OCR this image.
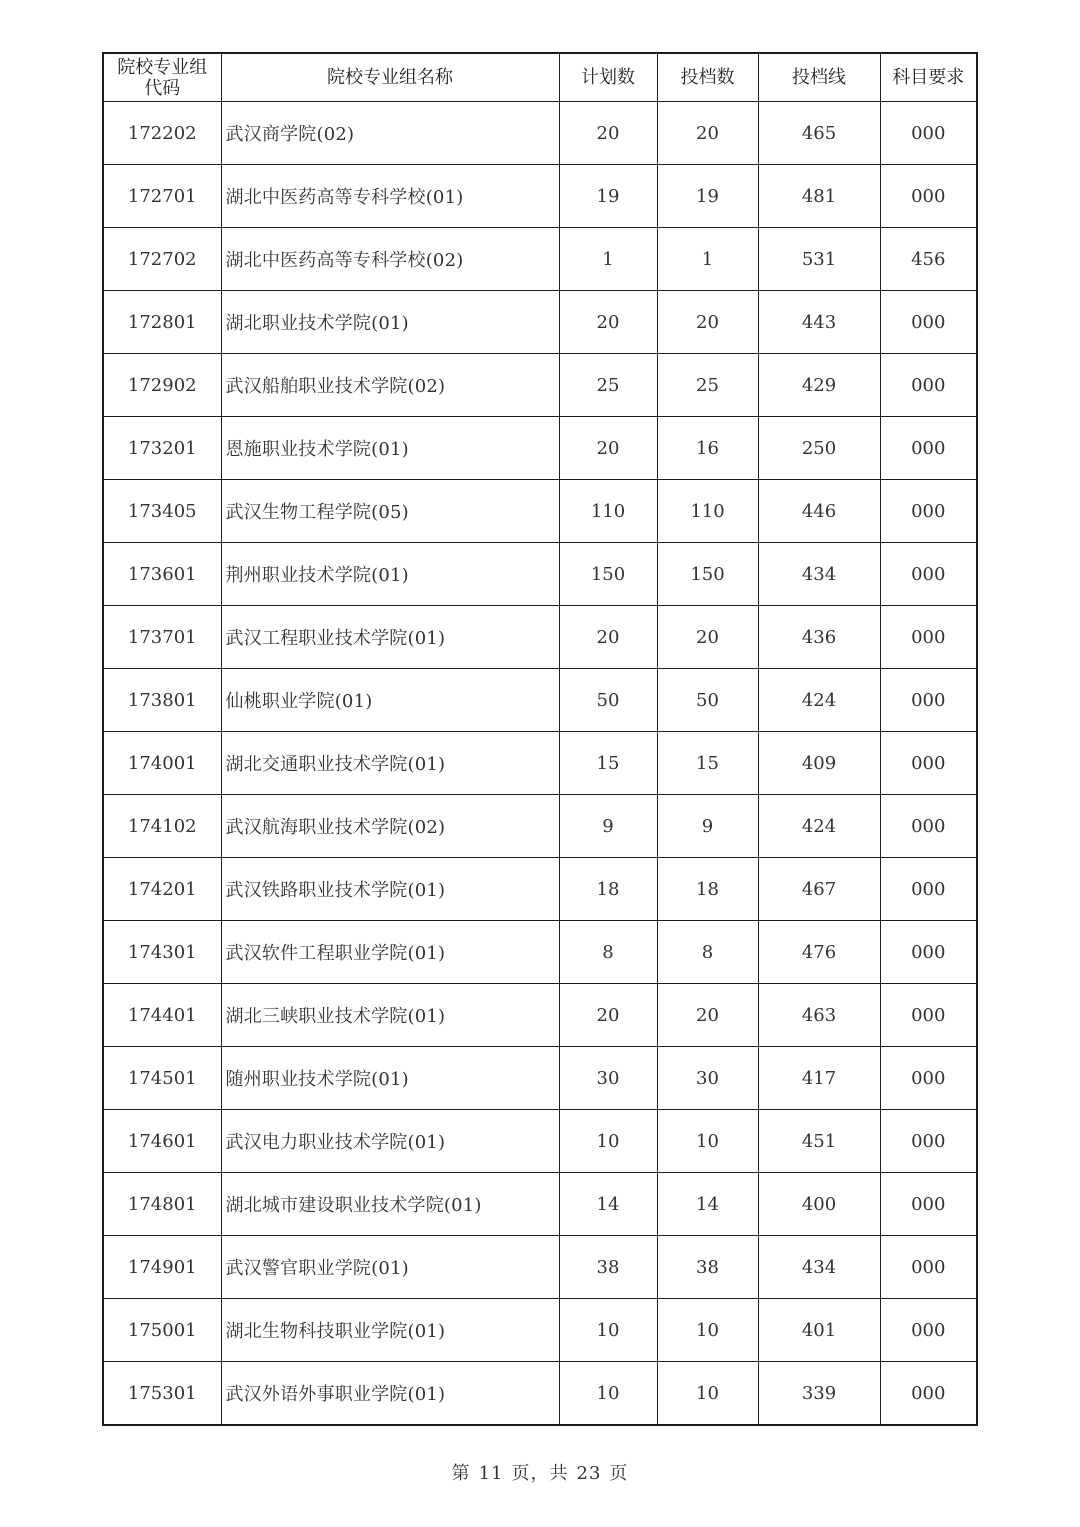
院校专业组
代码	院校专业组名称	计划数	投档数	投档线	科目要求
172202	武汉商学院(02)	20	20	465	000
172701	湖北中医药高等专科学校(01)	19	19	481	000
172702	湖北中医药高等专科学校(02)	1	1	531	456
172801	湖北职业技术学院(01)	20	20	443	000
172902	武汉船舶职业技术学院(02)	25	25	429	000
173201	恩施职业技术学院(01)	20	16	250	000
173405	武汉生物工程学院(05)	110	110	446	000
173601	荆州职业技术学院(01)	150	150	434	000
173701	武汉工程职业技术学院(01)	20	20	436	000
173801	仙桃职业学院(01)	50	50	424	000
174001	湖北交通职业技术学院(01)	15	15	409	000
174102	武汉航海职业技术学院(02)	9	9	424	000
174201	武汉铁路职业技术学院(01)	18	18	467	000
174301	武汉软件工程职业学院(01)	8	8	476	000
174401	湖北三峡职业技术学院(01)	20	20	463	000
174501	随州职业技术学院(01)	30	30	417	000
174601	武汉电力职业技术学院(01)	10	10	451	000
174801	湖北城市建设职业技术学院(01)	14	14	400	000
174901	武汉警官职业学院(01)	38	38	434	000
175001	湖北生物科技职业学院(01)	10	10	401	000
175301	武汉外语外事职业学院(01)	10	10	339	000
第 11 页，共 23 页
